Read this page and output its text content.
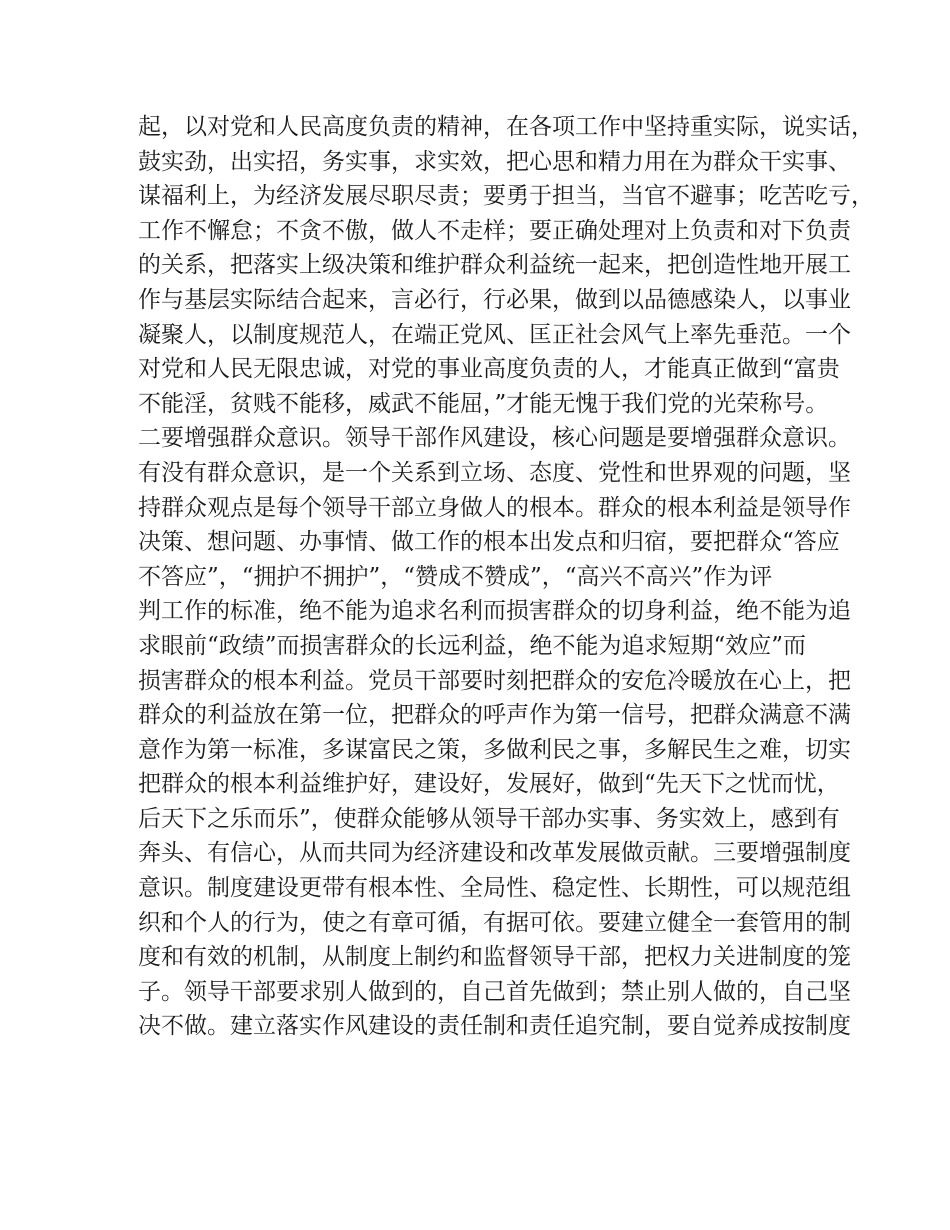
起，以对党和人民高度负责的精神，在各项工作中坚持重实际，说实话，
鼓实劲，出实招，务实事，求实效，把心思和精力用在为群众干实事、
谋福利上，为经济发展尽职尽责；要勇于担当，当官不避事；吃苦吃亏，
工作不懈怠；不贪不傲，做人不走样；要正确处理对上负责和对下负责
的关系，把落实上级决策和维护群众利益统一起来，把创造性地开展工
作与基层实际结合起来，言必行，行必果，做到以品德感染人，以事业
凝聚人，以制度规范人，在端正党风、匡正社会风气上率先垂范。一个
对党和人民无限忠诚，对党的事业高度负责的人，才能真正做到“富贵
不能淫，贫贱不能移，威武不能屈，”才能无愧于我们党的光荣称号。
二要增强群众意识。领导干部作风建设，核心问题是要增强群众意识。
有没有群众意识，是一个关系到立场、态度、党性和世界观的问题，坚
持群众观点是每个领导干部立身做人的根本。群众的根本利益是领导作
决策、想问题、办事情、做工作的根本出发点和归宿，要把群众“答应
不答应”，“拥护不拥护”，“赞成不赞成”，“高兴不高兴”作为评
判工作的标准，绝不能为追求名利而损害群众的切身利益，绝不能为追
求眼前“政绩”而损害群众的长远利益，绝不能为追求短期“效应”而
损害群众的根本利益。党员干部要时刻把群众的安危冷暖放在心上，把
群众的利益放在第一位，把群众的呼声作为第一信号，把群众满意不满
意作为第一标准，多谋富民之策，多做利民之事，多解民生之难，切实
把群众的根本利益维护好，建设好，发展好，做到“先天下之忧而忧，
后天下之乐而乐”，使群众能够从领导干部办实事、务实效上，感到有
奔头、有信心，从而共同为经济建设和改革发展做贡献。三要增强制度
意识。制度建设更带有根本性、全局性、稳定性、长期性，可以规范组
织和个人的行为，使之有章可循，有据可依。要建立健全一套管用的制
度和有效的机制，从制度上制约和监督领导干部，把权力关进制度的笼
子。领导干部要求别人做到的，自己首先做到；禁止别人做的，自己坚
决不做。建立落实作风建设的责任制和责任追究制，要自觉养成按制度
